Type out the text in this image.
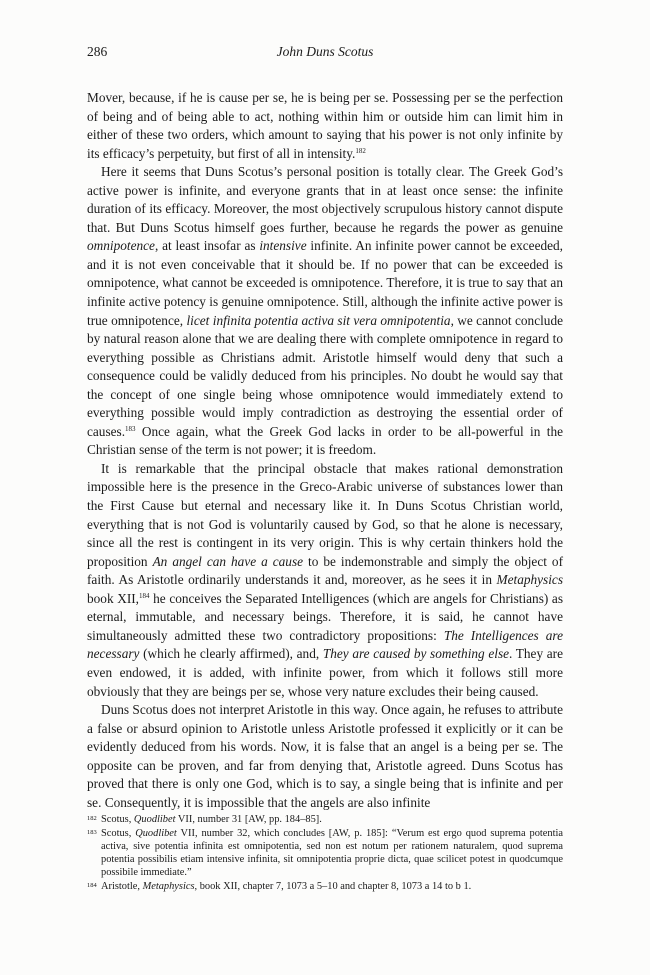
286	John Duns Scotus

Mover, because, if he is cause per se, he is being per se. Possessing per se the perfection of being and of being able to act, nothing within him or outside him can limit him in either of these two orders, which amount to saying that his power is not only infinite by its efficacy’s perpetuity, but first of all in intensity.$^{182}$

Here it seems that Duns Scotus’s personal position is totally clear. The Greek God’s active power is infinite, and everyone grants that in at least once sense: the infinite duration of its efficacy. Moreover, the most objectively scrupulous history cannot dispute that. But Duns Scotus himself goes further, because he regards the power as genuine omnipotence, at least insofar as intensive infinite. An infinite power cannot be exceeded, and it is not even conceivable that it should be. If no power that can be exceeded is omnipotence, what cannot be exceeded is omnipotence. Therefore, it is true to say that an infinite active potency is genuine omnipotence. Still, although the infinite active power is true omnipotence, licet infinita potentia activa sit vera omnipotentia, we cannot conclude by natural reason alone that we are dealing there with complete omnipotence in regard to everything possible as Christians admit. Aristotle himself would deny that such a consequence could be validly deduced from his principles. No doubt he would say that the concept of one single being whose omnipotence would immediately extend to everything possible would imply contradiction as destroying the essential order of causes.$^{183}$ Once again, what the Greek God lacks in order to be all-powerful in the Christian sense of the term is not power; it is freedom.

It is remarkable that the principal obstacle that makes rational demonstration impossible here is the presence in the Greco-Arabic universe of substances lower than the First Cause but eternal and necessary like it. In Duns Scotus Christian world, everything that is not God is voluntarily caused by God, so that he alone is necessary, since all the rest is contingent in its very origin. This is why certain thinkers hold the proposition An angel can have a cause to be indemonstrable and simply the object of faith. As Aristotle ordinarily understands it and, moreover, as he sees it in Metaphysics book XII,$^{184}$ he conceives the Separated Intelligences (which are angels for Christians) as eternal, immutable, and necessary beings. Therefore, it is said, he cannot have simultaneously admitted these two contradictory propositions: The Intelligences are necessary (which he clearly affirmed), and, They are caused by something else. They are even endowed, it is added, with infinite power, from which it follows still more obviously that they are beings per se, whose very nature excludes their being caused.

Duns Scotus does not interpret Aristotle in this way. Once again, he refuses to attribute a false or absurd opinion to Aristotle unless Aristotle professed it explicitly or it can be evidently deduced from his words. Now, it is false that an angel is a being per se. The opposite can be proven, and far from denying that, Aristotle agreed. Duns Scotus has proved that there is only one God, which is to say, a single being that is infinite and per se. Consequently, it is impossible that the angels are also infinite

182 Scotus, Quodlibet VII, number 31 [AW, pp. 184–85].
183 Scotus, Quodlibet VII, number 32, which concludes [AW, p. 185]: “Verum est ergo quod suprema potentia activa, sive potentia infinita est omnipotentia, sed non est notum per rationem naturalem, quod suprema potentia possibilis etiam intensive infinita, sit omnipotentia proprie dicta, quae scilicet potest in quodcumque possibile immediate.”
184 Aristotle, Metaphysics, book XII, chapter 7, 1073 a 5–10 and chapter 8, 1073 a 14 to b 1.
